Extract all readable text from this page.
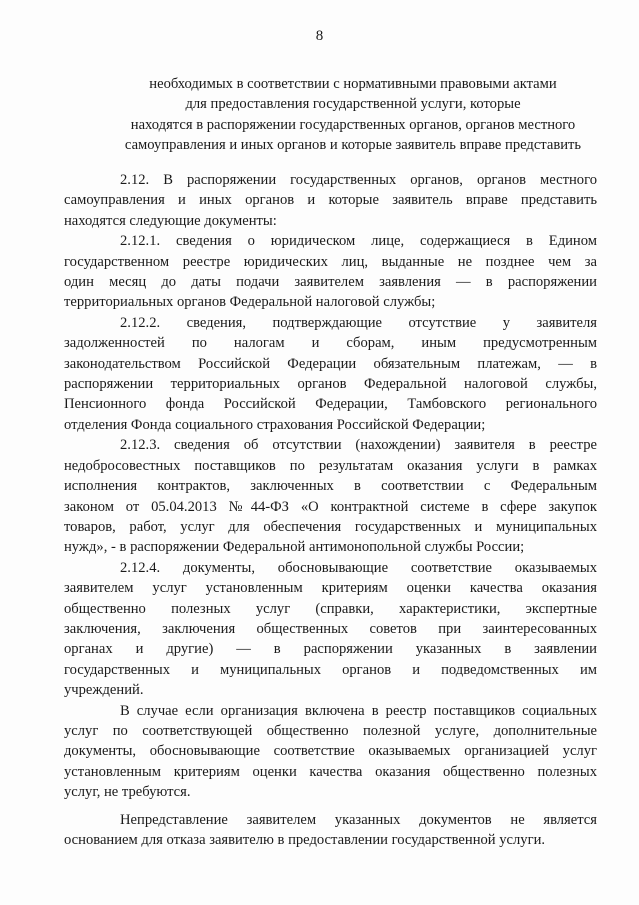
8
необходимых в соответствии с нормативными правовыми актами
для предоставления государственной услуги, которые
находятся в распоряжении государственных органов, органов местного
самоуправления и иных органов и которые заявитель вправе представить
2.12. В распоряжении государственных органов, органов местного
самоуправления и иных органов и которые заявитель вправе представить
находятся следующие документы:
2.12.1. сведения о юридическом лице, содержащиеся в Едином
государственном реестре юридических лиц, выданные не позднее чем за
один месяц до даты подачи заявителем заявления — в распоряжении
территориальных органов Федеральной налоговой службы;
2.12.2. сведения, подтверждающие отсутствие у заявителя
задолженностей по налогам и сборам, иным предусмотренным
законодательством Российской Федерации обязательным платежам, — в
распоряжении территориальных органов Федеральной налоговой службы,
Пенсионного фонда Российской Федерации, Тамбовского регионального
отделения Фонда социального страхования Российской Федерации;
2.12.3. сведения об отсутствии (нахождении) заявителя в реестре
недобросовестных поставщиков по результатам оказания услуги в рамках
исполнения контрактов, заключенных в соответствии с Федеральным
законом от 05.04.2013 №44-ФЗ «О контрактной системе в сфере закупок
товаров, работ, услуг для обеспечения государственных и муниципальных
нужд», - в распоряжении Федеральной антимонопольной службы России;
2.12.4. документы, обосновывающие соответствие оказываемых
заявителем услуг установленным критериям оценки качества оказания
общественно полезных услуг (справки, характеристики, экспертные
заключения, заключения общественных советов при заинтересованных
органах и другие) — в распоряжении указанных в заявлении
государственных и муниципальных органов и подведомственных им
учреждений.
В случае если организация включена в реестр поставщиков социальных
услуг по соответствующей общественно полезной услуге, дополнительные
документы, обосновывающие соответствие оказываемых организацией услуг
установленным критериям оценки качества оказания общественно полезных
услуг, не требуются.
Непредставление заявителем указанных документов не является
основанием для отказа заявителю в предоставлении государственной услуги.
